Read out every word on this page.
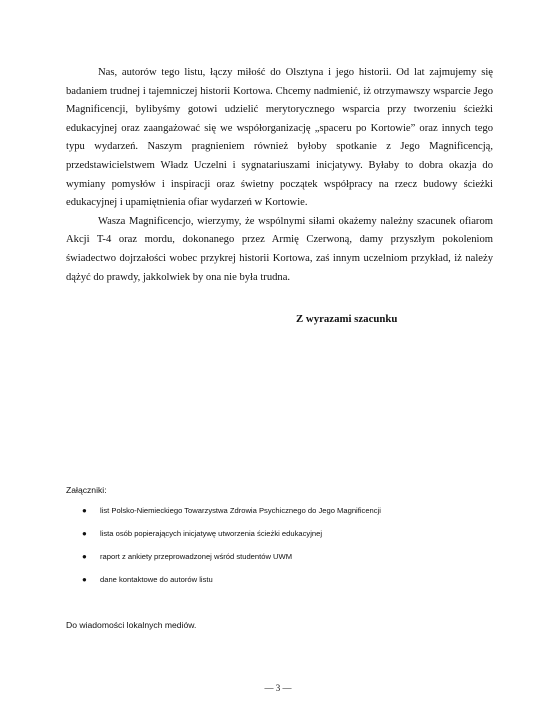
Nas, autorów tego listu, łączy miłość do Olsztyna i jego historii. Od lat zajmujemy się badaniem trudnej i tajemniczej historii Kortowa. Chcemy nadmienić, iż otrzymawszy wsparcie Jego Magnificencji, bylibyśmy gotowi udzielić merytorycznego wsparcia przy tworzeniu ścieżki edukacyjnej oraz zaangażować się we współorganizację „spaceru po Kortowie” oraz innych tego typu wydarzeń. Naszym pragnieniem również byłoby spotkanie z Jego Magnificencją, przedstawicielstwem Władz Uczelni i sygnatariuszami inicjatywy. Byłaby to dobra okazja do wymiany pomysłów i inspiracji oraz świetny początek współpracy na rzecz budowy ścieżki edukacyjnej i upamiętnienia ofiar wydarzeń w Kortowie.

Wasza Magnificencjo, wierzymy, że wspólnymi siłami okażemy należny szacunek ofiarom Akcji T-4 oraz mordu, dokonanego przez Armię Czerwoną, damy przyszłym pokoleniom świadectwo dojrzałości wobec przykrej historii Kortowa, zaś innym uczelniom przykład, iż należy dążyć do prawdy, jakkolwiek by ona nie była trudna.

Z wyrazami szacunku
Załączniki:
●	list Polsko-Niemieckiego Towarzystwa Zdrowia Psychicznego do Jego Magnificencji
●	lista osób popierających inicjatywę utworzenia ścieżki edukacyjnej
●	raport z ankiety przeprowadzonej wśród studentów UWM
●	dane kontaktowe do autorów listu
Do wiadomości lokalnych mediów.
— 3 —
